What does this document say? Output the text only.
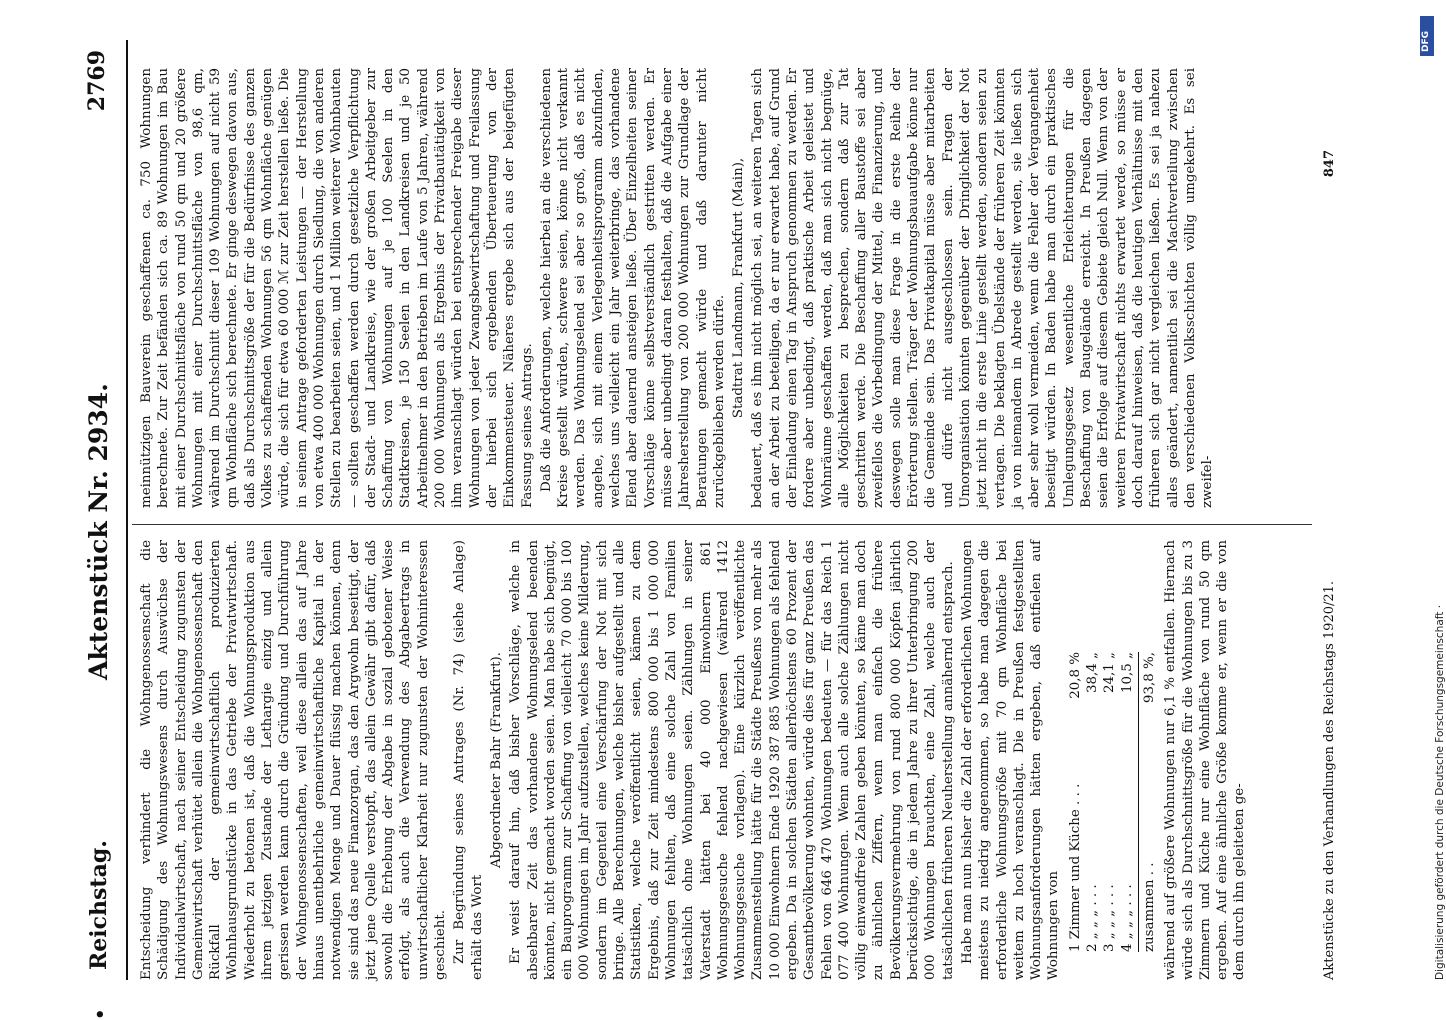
•
Reichstag.
Aktenstück Nr. 2934.
2769

Entscheidung verhindert die Wohngenossenschaft die Schädigung des Wohnungswesens durch Auswüchse der Individualwirtschaft, nach seiner Entscheidung zugunsten der Gemeinwirtschaft verhütet allein die Wohngenossenschaft den Rückfall der gemeinwirtschaftlich produzierten Wohnhausgrundstücke in das Getriebe der Privatwirtschaft. Wiederholt zu betonen ist, daß die Wohnungsproduktion aus ihrem jetzigen Zustande der Lethargie einzig und allein gerissen werden kann durch die Gründung und Durchführung der Wohngenossenschaften, weil diese allein das auf Jahre hinaus unentbehrliche gemeinwirtschaftliche Kapital in der notwendigen Menge und Dauer flüssig machen können, denn sie sind das neue Finanzorgan, das den Argwohn beseitigt, der jetzt jene Quelle verstopft, das allein Gewähr gibt dafür, daß sowohl die Erhebung der Abgabe in sozial gebotener Weise erfolgt, als auch die Verwendung des Abgabeertrags in unwirtschaftlicher Klarheit nur zugunsten der Wohninteressen geschieht. Zur Begründung seines Antrages (Nr. 74) (siehe Anlage) erhält das Wort

Abgeordneter Bahr (Frankfurt). Er weist darauf hin, daß bisher Vorschläge, welche in absehbarer Zeit das vorhandene Wohnungselend beenden könnten, nicht gemacht worden seien. Man habe sich begnügt, ein Bauprogramm zur Schaffung von vielleicht 70 000 bis 100 000 Wohnungen im Jahr aufzustellen, welches keine Milderung, sondern im Gegenteil eine Verschärfung der Not mit sich bringe. Alle Berechnungen, welche bisher aufgestellt und alle Statistiken, welche veröffentlicht seien, kämen zu dem Ergebnis, daß zur Zeit mindestens 800 000 bis 1 000 000 Wohnungen fehlten, daß eine solche Zahl von Familien tatsächlich ohne Wohnungen seien. Zählungen in seiner Vaterstadt hätten bei 40 000 Einwohnern 861 Wohnungsgesuche fehlend nachgewiesen (während 1412 Wohnungsgesuche vorlagen). Eine kürzlich veröffentlichte Zusammenstellung hätte für die Städte Preußens von mehr als 10 000 Einwohnern Ende 1920 387 885 Wohnungen als fehlend ergeben. Da in solchen Städten allerhöchstens 60 Prozent der Gesamtbevölkerung wohnten, würde dies für ganz Preußen das Fehlen von 646 470 Wohnungen bedeuten — für das Reich 1 077 400 Wohnungen. Wenn auch alle solche Zählungen nicht völlig einwandfreie Zahlen geben könnten, so käme man doch zu ähnlichen Ziffern, wenn man einfach die frühere Bevölkerungsvermehrung von rund 800 000 Köpfen jährlich berücksichtige, die in jedem Jahre zu ihrer Unterbringung 200 000 Wohnungen brauchten, eine Zahl, welche auch der tatsächlichen früheren Neuherstellung annähernd entsprach. Habe man nun bisher die Zahl der erforderlichen Wohnungen meistens zu niedrig angenommen, so habe man dagegen die erforderliche Wohnungsgröße mit 70 qm Wohnfläche bei weitem zu hoch veranschlagt. Die in Preußen festgestellten Wohnungsanforderungen hätten ergeben, daß entfielen auf Wohnungen von 1 Zimmer und Küche . . .
20,8 %
2 „ „ „ . . .
38,4 „
3 „ „ „ . . .
24,1 „
4 „ „ „ . . .
10,5 „
zusammen . .
93,8 %, während auf größere Wohnungen nur 6,1 % entfallen. Hiernach würde sich als Durchschnittsgröße für die Wohnungen bis zu 3 Zimmern und Küche nur eine Wohnfläche von rund 50 qm ergeben. Auf eine ähnliche Größe komme er, wenn er die von dem durch ihn geleiteten ge-

meinnützigen Bauverein geschaffenen ca. 750 Wohnungen berechnete. Zur Zeit befänden sich ca. 89 Wohnungen im Bau mit einer Durchschnittsfläche von rund 50 qm und 20 größere Wohnungen mit einer Durchschnittsfläche von 98,6 qm, während im Durchschnitt dieser 109 Wohnungen auf nicht 59 qm Wohnfläche sich berechnete. Er ginge deswegen davon aus, daß als Durchschnittsgröße der für die Bedürfnisse des ganzen Volkes zu schaffenden Wohnungen 56 qm Wohnfläche genügen würde, die sich für etwa 60 000 ℳ zur Zeit herstellen ließe. Die in seinem Antrage geforderten Leistungen — der Herstellung von etwa 400 000 Wohnungen durch Siedlung, die von anderen Stellen zu bearbeiten seien, und 1 Million weiterer Wohnbauten — sollten geschaffen werden durch gesetzliche Verpflichtung der Stadt- und Landkreise, wie der großen Arbeitgeber zur Schaffung von Wohnungen auf je 100 Seelen in den Stadtkreisen, je 150 Seelen in den Landkreisen und je 50 Arbeitnehmer in den Betrieben im Laufe von 5 Jahren, während 200 000 Wohnungen als Ergebnis der Privatbautätigkeit von ihm veranschlagt würden bei entsprechender Freigabe dieser Wohnungen von jeder Zwangsbewirtschaftung und Freilassung der hierbei sich ergebenden Überteuerung von der Einkommensteuer. Näheres ergebe sich aus der beigefügten Fassung seines Antrags. Daß die Anforderungen, welche hierbei an die verschiedenen Kreise gestellt würden, schwere seien, könne nicht verkannt werden. Das Wohnungselend sei aber so groß, daß es nicht angehe, sich mit einem Verlegenheitsprogramm abzufinden, welches uns vielleicht ein Jahr weiterbringe, das vorhandene Elend aber dauernd ansteigen ließe. Über Einzelheiten seiner Vorschläge könne selbstverständlich gestritten werden. Er müsse aber unbedingt daran festhalten, daß die Aufgabe einer Jahresherstellung von 200 000 Wohnungen zur Grundlage der Beratungen gemacht würde und daß darunter nicht zurückgeblieben werden dürfe. Stadtrat Landmann, Frankfurt (Main), bedauert, daß es ihm nicht möglich sei, an weiteren Tagen sich an der Arbeit zu beteiligen, da er nur erwartet habe, auf Grund der Einladung einen Tag in Anspruch genommen zu werden. Er fordere aber unbedingt, daß praktische Arbeit geleistet und Wohnräume geschaffen werden, daß man sich nicht begnüge, alle Möglichkeiten zu besprechen, sondern daß zur Tat geschritten werde. Die Beschaffung aller Baustoffe sei aber zweifellos die Vorbedingung der Mittel, die Finanzierung, und deswegen solle man diese Frage in die erste Reihe der Erörterung stellen. Träger der Wohnungsbauaufgabe könne nur die Gemeinde sein. Das Privatkapital müsse aber mitarbeiten und dürfe nicht ausgeschlossen sein. Fragen der Umorganisation könnten gegenüber der Dringlichkeit der Not jetzt nicht in die erste Linie gestellt werden, sondern seien zu vertagen. Die beklagten Übelstände der früheren Zeit könnten ja von niemandem in Abrede gestellt werden, sie ließen sich aber sehr wohl vermeiden, wenn die Fehler der Vergangenheit beseitigt würden. In Baden habe man durch ein praktisches Umlegungsgesetz wesentliche Erleichterungen für die Beschaffung von Baugelände erreicht. In Preußen dagegen seien die Erfolge auf diesem Gebiete gleich Null. Wenn von der weiteren Privatwirtschaft nichts erwartet werde, so müsse er doch darauf hinweisen, daß die heutigen Verhältnisse mit den früheren sich gar nicht vergleichen ließen. Es sei ja nahezu alles geändert, namentlich sei die Machtverteilung zwischen den verschiedenen Volksschichten völlig umgekehrt. Es sei zweifel-

Aktenstücke zu den Verhandlungen des Reichstags 1920/21.
847
DFG
Digitalisierung gefördert durch die Deutsche Forschungsgemeinschaft ·
